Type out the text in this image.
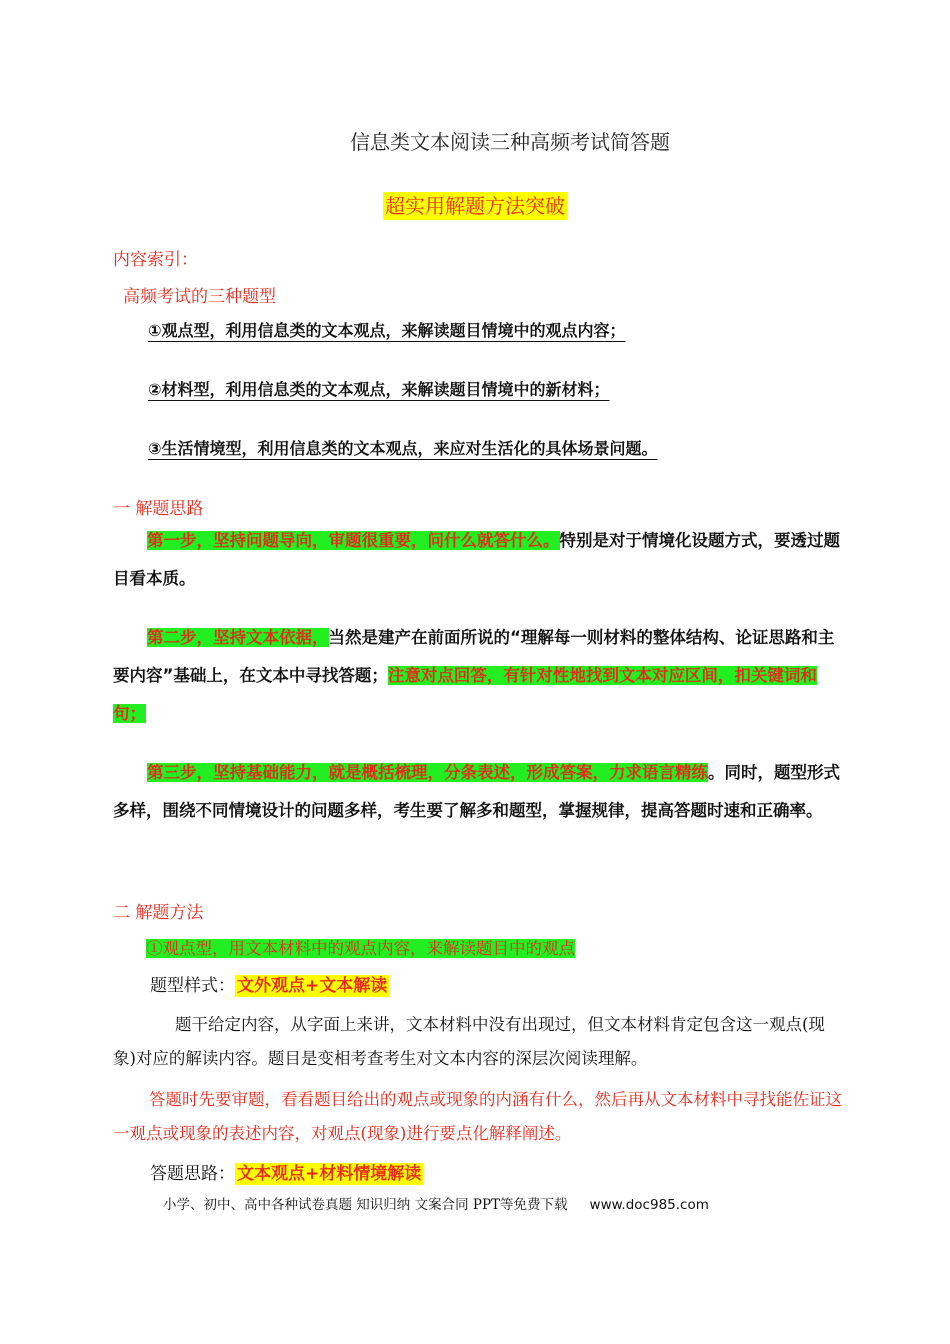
信息类文本阅读三种高频考试简答题
超实用解题方法突破
内容索引：
高频考试的三种题型
①观点型，利用信息类的文本观点，来解读题目情境中的观点内容；
②材料型，利用信息类的文本观点，来解读题目情境中的新材料；
③生活情境型，利用信息类的文本观点，来应对生活化的具体场景问题。
一 解题思路
第一步，坚持问题导向，审题很重要，问什么就答什么。特别是对于情境化设题方式，要透过题目看本质。
第二步，坚持文本依据，当然是建产在前面所说的“理解每一则材料的整体结构、论证思路和主要内容”基础上，在文本中寻找答题；注意对点回答，有针对性地找到文本对应区间，扣关键词和句；
第三步，坚持基础能力，就是概括梳理，分条表述，形成答案，力求语言精练。同时，题型形式多样，围绕不同情境设计的问题多样，考生要了解多和题型，掌握规律，提高答题时速和正确率。
二 解题方法
①观点型，用文本材料中的观点内容，来解读题目中的观点
题型样式： 文外观点+文本解读
题干给定内容，从字面上来讲，文本材料中没有出现过，但文本材料肯定包含这一观点(现象)对应的解读内容。题目是变相考查考生对文本内容的深层次阅读理解。
答题时先要审题，看看题目给出的观点或现象的内涵有什么，然后再从文本材料中寻找能佐证这一观点或现象的表述内容，对观点(现象)进行要点化解释阐述。
答题思路： 文本观点+材料情境解读
小学、初中、高中各种试卷真题 知识归纳 文案合同 PPT等免费下载 www.doc985.com
